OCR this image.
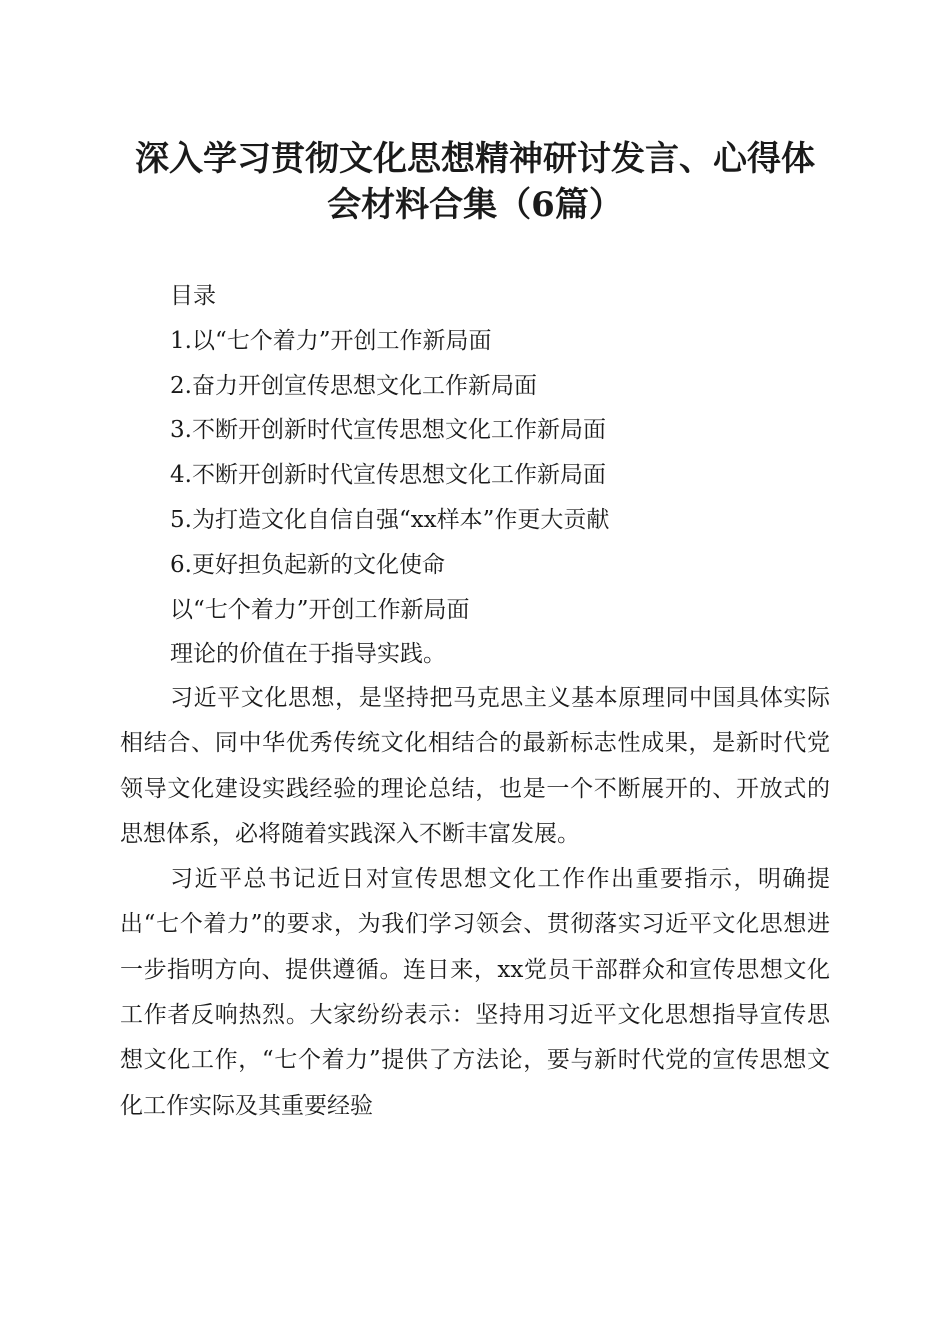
深入学习贯彻文化思想精神研讨发言、心得体
会材料合集（6篇）
目录
1.以“七个着力”开创工作新局面
2.奋力开创宣传思想文化工作新局面
3.不断开创新时代宣传思想文化工作新局面
4.不断开创新时代宣传思想文化工作新局面
5.为打造文化自信自强“xx样本”作更大贡献
6.更好担负起新的文化使命
以“七个着力”开创工作新局面
理论的价值在于指导实践。

习近平文化思想，是坚持把马克思主义基本原理同中国具体实际相结合、同中华优秀传统文化相结合的最新标志性成果，是新时代党领导文化建设实践经验的理论总结，也是一个不断展开的、开放式的思想体系，必将随着实践深入不断丰富发展。

习近平总书记近日对宣传思想文化工作作出重要指示，明确提出“七个着力”的要求，为我们学习领会、贯彻落实习近平文化思想进一步指明方向、提供遵循。连日来，xx党员干部群众和宣传思想文化工作者反响热烈。大家纷纷表示：坚持用习近平文化思想指导宣传思想文化工作，“七个着力”提供了方法论，要与新时代党的宣传思想文化工作实际及其重要经验
